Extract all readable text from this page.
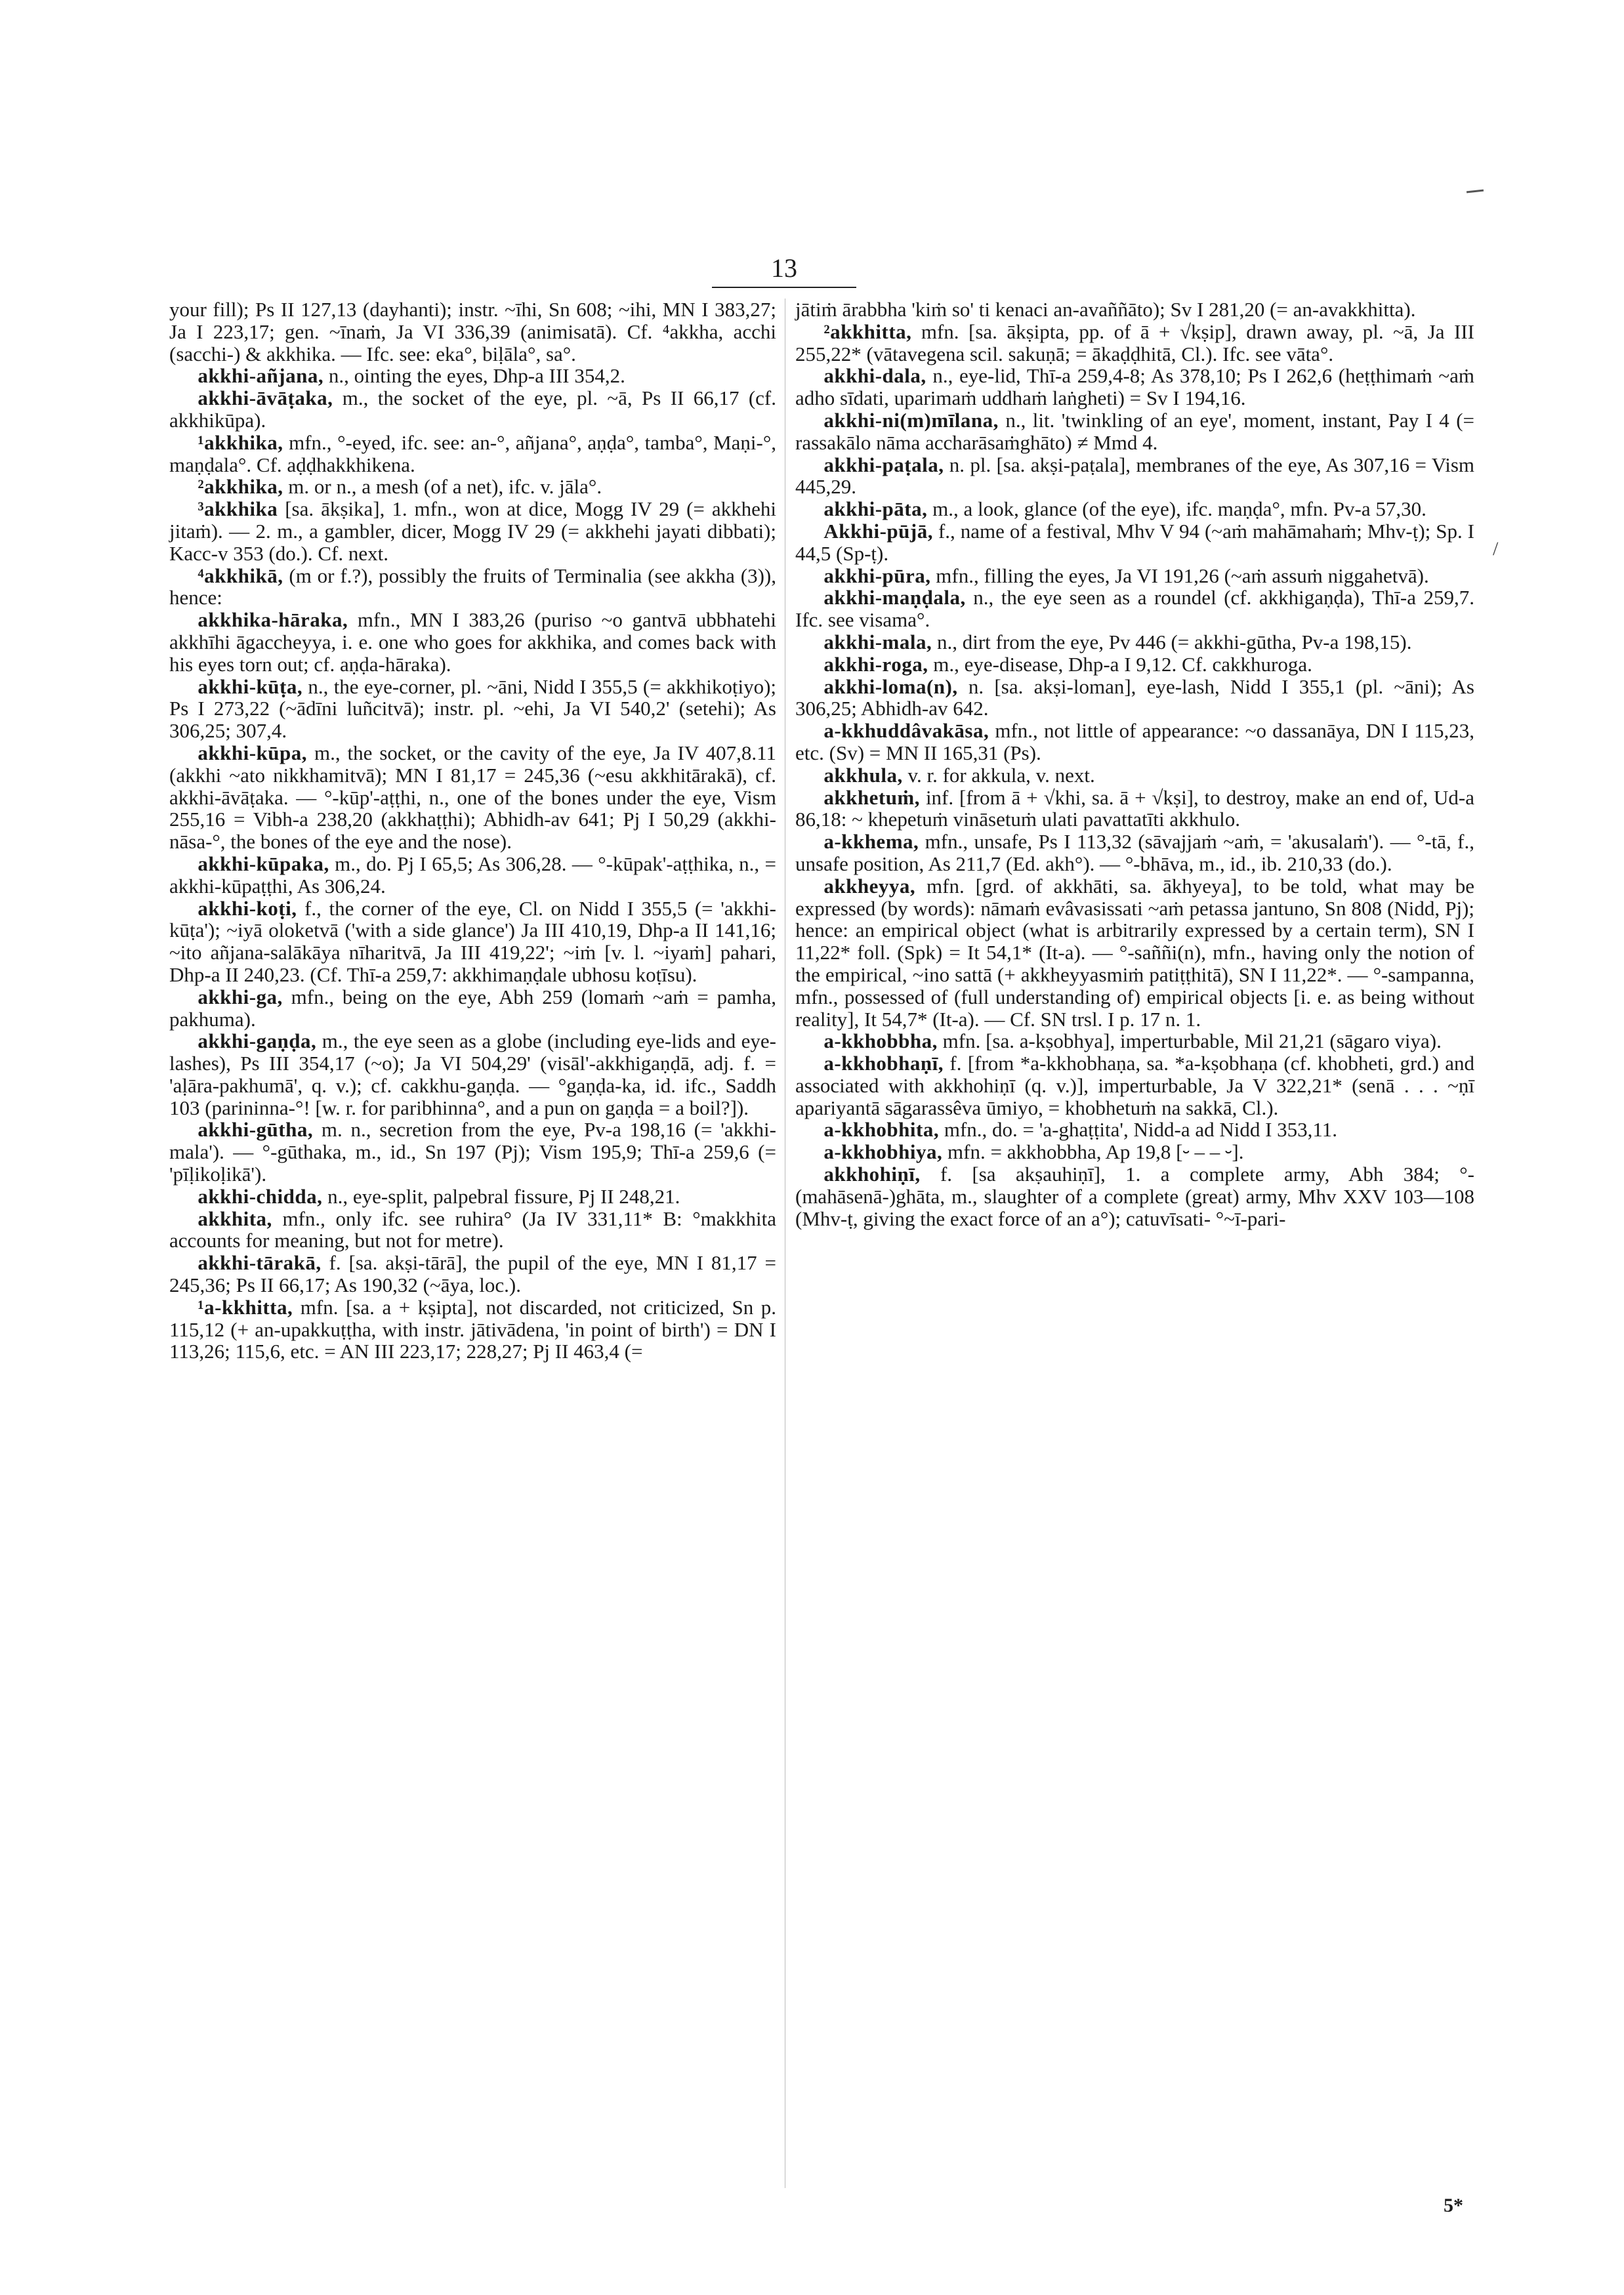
13

your fill); Ps II 127,13 (dayhanti); instr. ~īhi, Sn 608; ~ihi, MN I 383,27; Ja I 223,17; gen. ~īnaṁ, Ja VI 336,39 (animisatā). Cf. ⁴akkha, acchi (sacchi-) & akkhika. — Ifc. see: eka°, biḷāla°, sa°.

akkhi-añjana, n., ointing the eyes, Dhp-a III 354,2.

akkhi-āvāṭaka, m., the socket of the eye, pl. ~ā, Ps II 66,17 (cf. akkhikūpa).

¹akkhika, mfn., °-eyed, ifc. see: an-°, añjana°, aṇḍa°, tamba°, Maṇi-°, maṇḍala°. Cf. aḍḍhakkhikena.

²akkhika, m. or n., a mesh (of a net), ifc. v. jāla°.

³akkhika [sa. ākṣika], 1. mfn., won at dice, Mogg IV 29 (= akkhehi jitaṁ). — 2. m., a gambler, dicer, Mogg IV 29 (= akkhehi jayati dibbati); Kacc-v 353 (do.). Cf. next.

⁴akkhikā, (m or f.?), possibly the fruits of Terminalia (see akkha (3)), hence:

akkhika-hāraka, mfn., MN I 383,26 (puriso ~o gantvā ubbhatehi akkhīhi āgaccheyya, i. e. one who goes for akkhika, and comes back with his eyes torn out; cf. aṇḍa-hāraka).

akkhi-kūṭa, n., the eye-corner, pl. ~āni, Nidd I 355,5 (= akkhikoṭiyo); Ps I 273,22 (~ādīni luñcitvā); instr. pl. ~ehi, Ja VI 540,2' (setehi); As 306,25; 307,4.

akkhi-kūpa, m., the socket, or the cavity of the eye, Ja IV 407,8.11 (akkhi ~ato nikkhamitvā); MN I 81,17 = 245,36 (~esu akkhitārakā), cf. akkhi-āvāṭaka. — °-kūp'-aṭṭhi, n., one of the bones under the eye, Vism 255,16 = Vibh-a 238,20 (akkhaṭṭhi); Abhidh-av 641; Pj I 50,29 (akkhi-nāsa-°, the bones of the eye and the nose).

akkhi-kūpaka, m., do. Pj I 65,5; As 306,28. — °-kūpak'-aṭṭhika, n., = akkhi-kūpaṭṭhi, As 306,24.

akkhi-koṭi, f., the corner of the eye, Cl. on Nidd I 355,5 (= 'akkhi-kūṭa'); ~iyā oloketvā ('with a side glance') Ja III 410,19, Dhp-a II 141,16; ~ito añjana-salākāya nīharitvā, Ja III 419,22'; ~iṁ [v. l. ~iyaṁ] pahari, Dhp-a II 240,23. (Cf. Thī-a 259,7: akkhimaṇḍale ubhosu koṭīsu).

akkhi-ga, mfn., being on the eye, Abh 259 (lomaṁ ~aṁ = pamha, pakhuma).

akkhi-gaṇḍa, m., the eye seen as a globe (including eye-lids and eye-lashes), Ps III 354,17 (~o); Ja VI 504,29' (visāl'-akkhigaṇḍā, adj. f. = 'aḷāra-pakhumā', q. v.); cf. cakkhu-gaṇḍa. — °gaṇḍa-ka, id. ifc., Saddh 103 (parininna-°! [w. r. for paribhinna°, and a pun on gaṇḍa = a boil?]).

akkhi-gūtha, m. n., secretion from the eye, Pv-a 198,16 (= 'akkhi-mala'). — °-gūthaka, m., id., Sn 197 (Pj); Vism 195,9; Thī-a 259,6 (= 'pīḷikoḷikā').

akkhi-chidda, n., eye-split, palpebral fissure, Pj II 248,21.

akkhita, mfn., only ifc. see ruhira° (Ja IV 331,11* B: °makkhita accounts for meaning, but not for metre).

akkhi-tārakā, f. [sa. akṣi-tārā], the pupil of the eye, MN I 81,17 = 245,36; Ps II 66,17; As 190,32 (~āya, loc.).

¹a-kkhitta, mfn. [sa. a + kṣipta], not discarded, not criticized, Sn p. 115,12 (+ an-upakkuṭṭha, with instr. jātivādena, 'in point of birth') = DN I 113,26; 115,6, etc. = AN III 223,17; 228,27; Pj II 463,4 (=

jātiṁ ārabbha 'kiṁ so' ti kenaci an-avaññāto); Sv I 281,20 (= an-avakkhitta).

²akkhitta, mfn. [sa. ākṣipta, pp. of ā + √kṣip], drawn away, pl. ~ā, Ja III 255,22* (vātavegena scil. sakuṇā; = ākaḍḍhitā, Cl.). Ifc. see vāta°.

akkhi-dala, n., eye-lid, Thī-a 259,4-8; As 378,10; Ps I 262,6 (heṭṭhimaṁ ~aṁ adho sīdati, uparimaṁ uddhaṁ laṅgheti) = Sv I 194,16.

akkhi-ni(m)mīlana, n., lit. 'twinkling of an eye', moment, instant, Pay I 4 (= rassakālo nāma accharāsaṁghāto) ≠ Mmd 4.

akkhi-paṭala, n. pl. [sa. akṣi-paṭala], membranes of the eye, As 307,16 = Vism 445,29.

akkhi-pāta, m., a look, glance (of the eye), ifc. maṇḍa°, mfn. Pv-a 57,30.

Akkhi-pūjā, f., name of a festival, Mhv V 94 (~aṁ mahāmahaṁ; Mhv-ṭ); Sp. I 44,5 (Sp-ṭ).

akkhi-pūra, mfn., filling the eyes, Ja VI 191,26 (~aṁ assuṁ niggahetvā).

akkhi-maṇḍala, n., the eye seen as a roundel (cf. akkhigaṇḍa), Thī-a 259,7. Ifc. see visama°.

akkhi-mala, n., dirt from the eye, Pv 446 (= akkhi-gūtha, Pv-a 198,15).

akkhi-roga, m., eye-disease, Dhp-a I 9,12. Cf. cakkhuroga.

akkhi-loma(n), n. [sa. akṣi-loman], eye-lash, Nidd I 355,1 (pl. ~āni); As 306,25; Abhidh-av 642.

a-kkhuddâvakāsa, mfn., not little of appearance: ~o dassanāya, DN I 115,23, etc. (Sv) = MN II 165,31 (Ps).

akkhula, v. r. for akkula, v. next.

akkhetuṁ, inf. [from ā + √khi, sa. ā + √kṣi], to destroy, make an end of, Ud-a 86,18: ~ khepetuṁ vināsetuṁ ulati pavattatīti akkhulo.

a-kkhema, mfn., unsafe, Ps I 113,32 (sāvajjaṁ ~aṁ, = 'akusalaṁ'). — °-tā, f., unsafe position, As 211,7 (Ed. akh°). — °-bhāva, m., id., ib. 210,33 (do.).

akkheyya, mfn. [grd. of akkhāti, sa. ākhyeya], to be told, what may be expressed (by words): nāmaṁ evâvasissati ~aṁ petassa jantuno, Sn 808 (Nidd, Pj); hence: an empirical object (what is arbitrarily expressed by a certain term), SN I 11,22* foll. (Spk) = It 54,1* (It-a). — °-saññi(n), mfn., having only the notion of the empirical, ~ino sattā (+ akkheyyasmiṁ patiṭṭhitā), SN I 11,22*. — °-sampanna, mfn., possessed of (full understanding of) empirical objects [i. e. as being without reality], It 54,7* (It-a). — Cf. SN trsl. I p. 17 n. 1.

a-kkhobbha, mfn. [sa. a-kṣobhya], imperturbable, Mil 21,21 (sāgaro viya).

a-kkhobhaṇī, f. [from *a-kkhobhaṇa, sa. *a-kṣobhaṇa (cf. khobheti, grd.) and associated with akkhohiṇī (q. v.)], imperturbable, Ja V 322,21* (senā . . . ~ṇī apariyantā sāgarassêva ūmiyo, = khobhetuṁ na sakkā, Cl.).

a-kkhobhita, mfn., do. = 'a-ghaṭṭita', Nidd-a ad Nidd I 353,11.

a-kkhobhiya, mfn. = akkhobbha, Ap 19,8 [⏑ – – ⏑].

akkhohiṇī, f. [sa akṣauhiṇī], 1. a complete army, Abh 384; °-(mahāsenā-)ghāta, m., slaughter of a complete (great) army, Mhv XXV 103—108 (Mhv-ṭ, giving the exact force of an a°); catuvīsati- °~ī-pari-

/
5*
